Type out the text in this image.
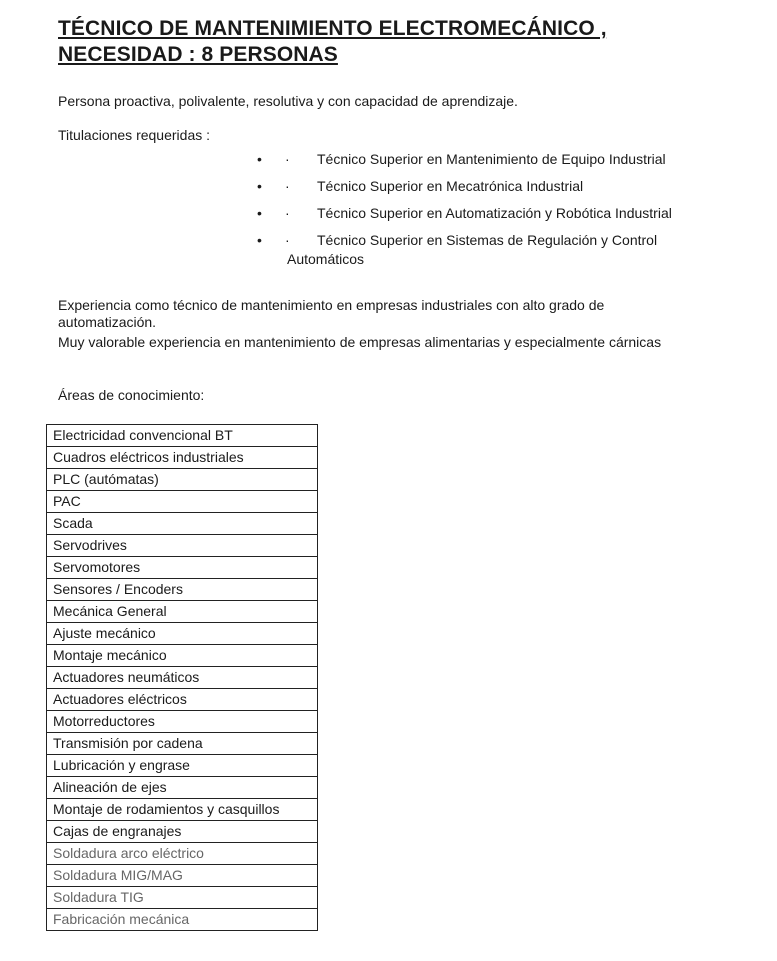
TÉCNICO DE MANTENIMIENTO ELECTROMECÁNICO ,
NECESIDAD : 8 PERSONAS

Persona proactiva, polivalente, resolutiva y con capacidad de aprendizaje.

Titulaciones requeridas :

• · Técnico Superior en Mantenimiento de Equipo Industrial
• · Técnico Superior en Mecatrónica Industrial
• · Técnico Superior en Automatización y Robótica Industrial
• · Técnico Superior en Sistemas de Regulación y Control
Automáticos

Experiencia como técnico de mantenimiento en empresas industriales con alto grado de automatización.

Muy valorable experiencia en mantenimiento de empresas alimentarias y especialmente cárnicas

Áreas de conocimiento:

Electricidad convencional BT
Cuadros eléctricos industriales
PLC (autómatas)
PAC
Scada
Servodrives
Servomotores
Sensores / Encoders
Mecánica General
Ajuste mecánico
Montaje mecánico
Actuadores neumáticos
Actuadores eléctricos
Motorreductores
Transmisión por cadena
Lubricación y engrase
Alineación de ejes
Montaje de rodamientos y casquillos
Cajas de engranajes
Soldadura arco eléctrico
Soldadura MIG/MAG
Soldadura TIG
Fabricación mecánica
